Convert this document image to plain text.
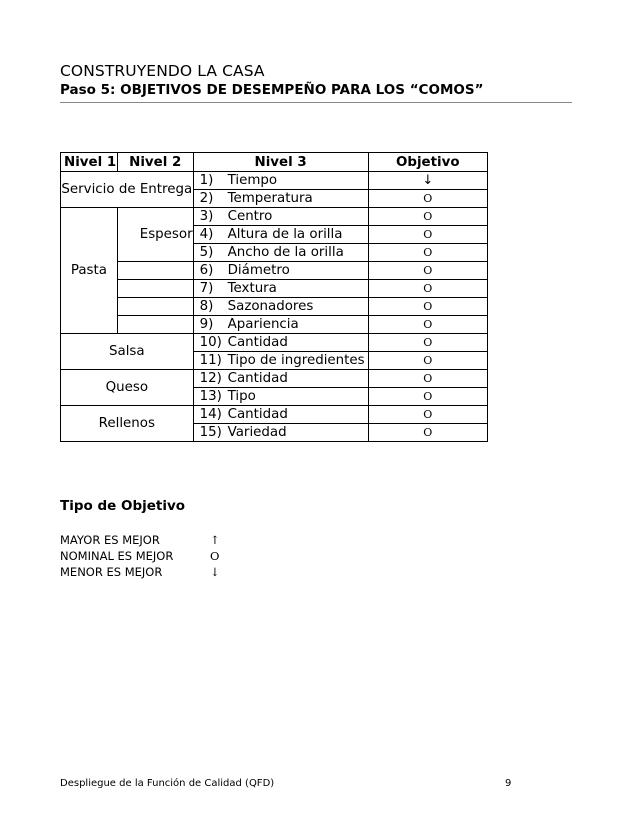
CONSTRUYENDO LA CASA
Paso 5: OBJETIVOS DE DESEMPEÑO PARA LOS “COMOS”
Nivel 1	Nivel 2	Nivel 3	Objetivo
Servicio de Entrega		1) Tiempo	↓
		2) Temperatura	O
Pasta	Espesor	3) Centro	O
		4) Altura de la orilla	O
		5) Ancho de la orilla	O
		6) Diámetro	O
		7) Textura	O
		8) Sazonadores	O
		9) Apariencia	O
Salsa		10) Cantidad	O
		11) Tipo de ingredientes	O
Queso		12) Cantidad	O
		13) Tipo	O
Rellenos		14) Cantidad	O
		15) Variedad	O
Tipo de Objetivo
MAYOR ES MEJOR	↑
NOMINAL ES MEJOR	O
MENOR ES MEJOR	↓
Despliegue de la Función de Calidad (QFD)	9
